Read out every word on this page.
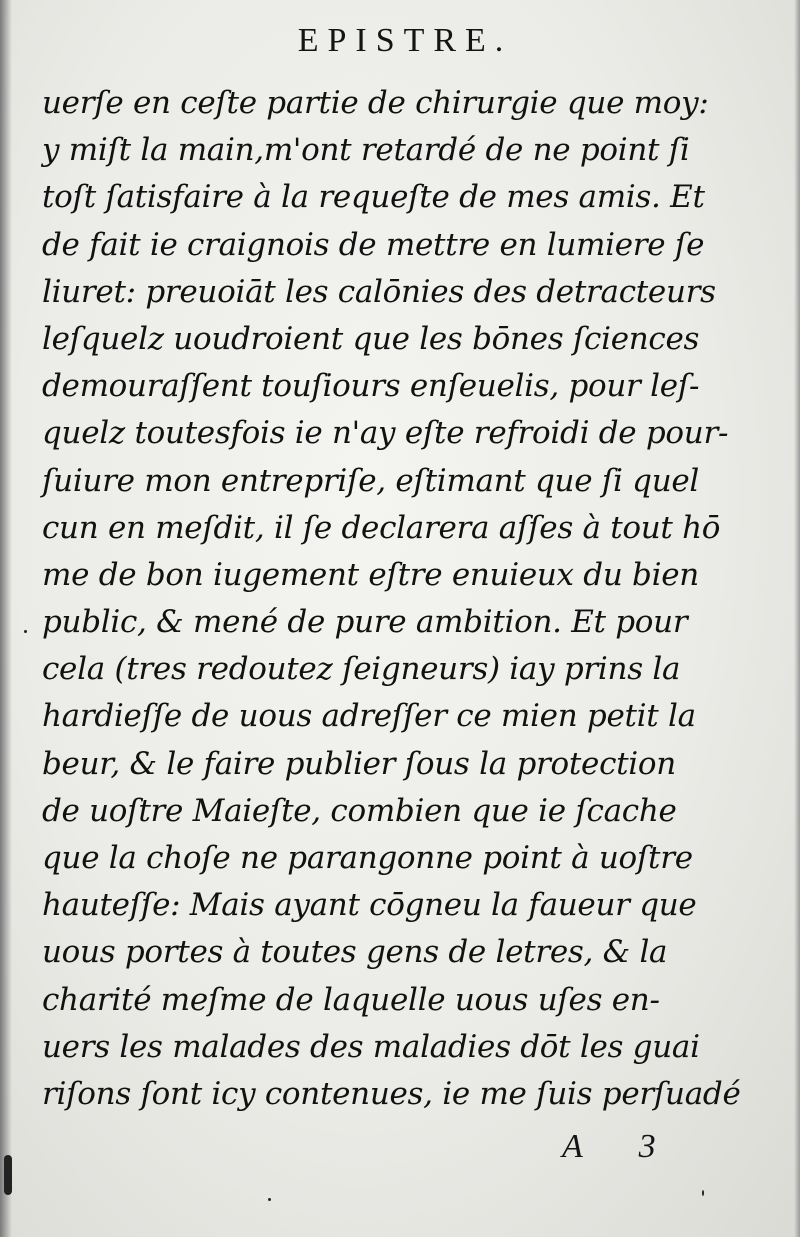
EPISTRE.
uerſe en ceſte partie de chirurgie que moy:
y miſt la main,m'ont retardé de ne point ſi
toſt ſatisfaire à la requeſte de mes amis. Et
de fait ie craignois de mettre en lumiere ſe
liuret: preuoiāt les calōnies des detracteurs
leſquelz uoudroient que les bōnes ſciences
demouraſſent touſiours enſeuelis, pour leſ-
quelz toutesfois ie n'ay eſte refroidi de pour-
ſuiure mon entrepriſe, eſtimant que ſi quel
cun en meſdit, il ſe declarera aſſes à tout hō
me de bon iugement eſtre enuieux du bien
public, & mené de pure ambition. Et pour
cela (tres redoutez ſeigneurs) iay prins la
hardieſſe de uous adreſſer ce mien petit la
beur, & le faire publier ſous la protection
de uoſtre Maieſte, combien que ie ſcache
que la choſe ne parangonne point à uoſtre
hauteſſe: Mais ayant cōgneu la faueur que
uous portes à toutes gens de letres, & la
charité meſme de laquelle uous uſes en-
uers les malades des maladies dōt les guai
riſons ſont icy contenues, ie me ſuis perſuadé
A 3
